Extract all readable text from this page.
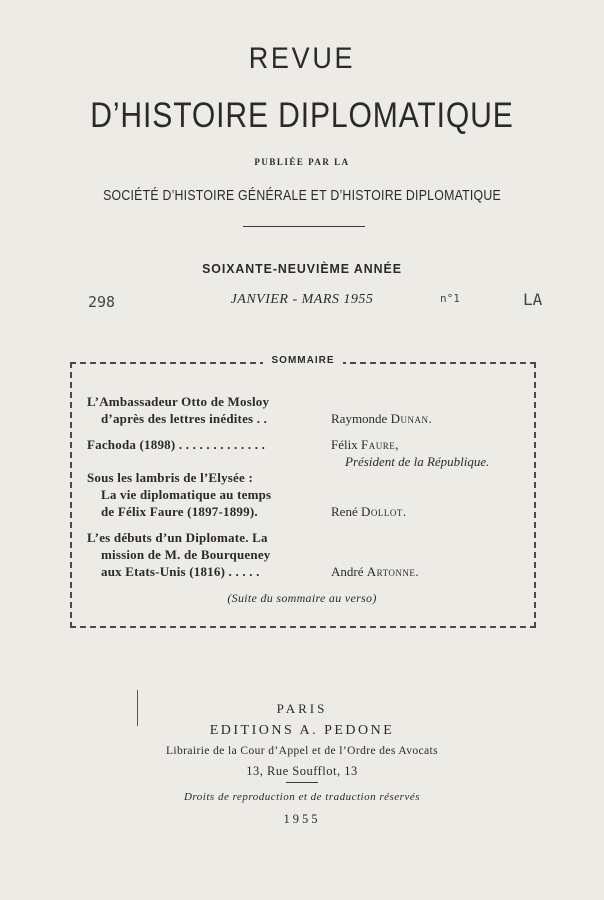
REVUE
D’HISTOIRE DIPLOMATIQUE
PUBLIÉE PAR LA
SOCIÉTÉ D’HISTOIRE GÉNÉRALE ET D’HISTOIRE DIPLOMATIQUE
SOIXANTE-NEUVIÈME ANNÉE
JANVIER - MARS 1955
298	n°1	LA
SOMMAIRE
L’Ambassadeur Otto de Mosloy
d’après des lettres inédites . .	Raymonde Dunan.
Fachoda (1898) . . . . . . . . . . . . .	Félix Faure,
Président de la République.
Sous les lambris de l’Elysée :
La vie diplomatique au temps
de Félix Faure (1897-1899).	René Dollot.
L’es débuts d’un Diplomate. La
mission de M. de Bourqueney
aux Etats-Unis (1816) . . . . .	André Artonne.
(Suite du sommaire au verso)
PARIS
EDITIONS A. PEDONE
Librairie de la Cour d’Appel et de l’Ordre des Avocats
13, Rue Soufflot, 13
Droits de reproduction et de traduction réservés
1955
